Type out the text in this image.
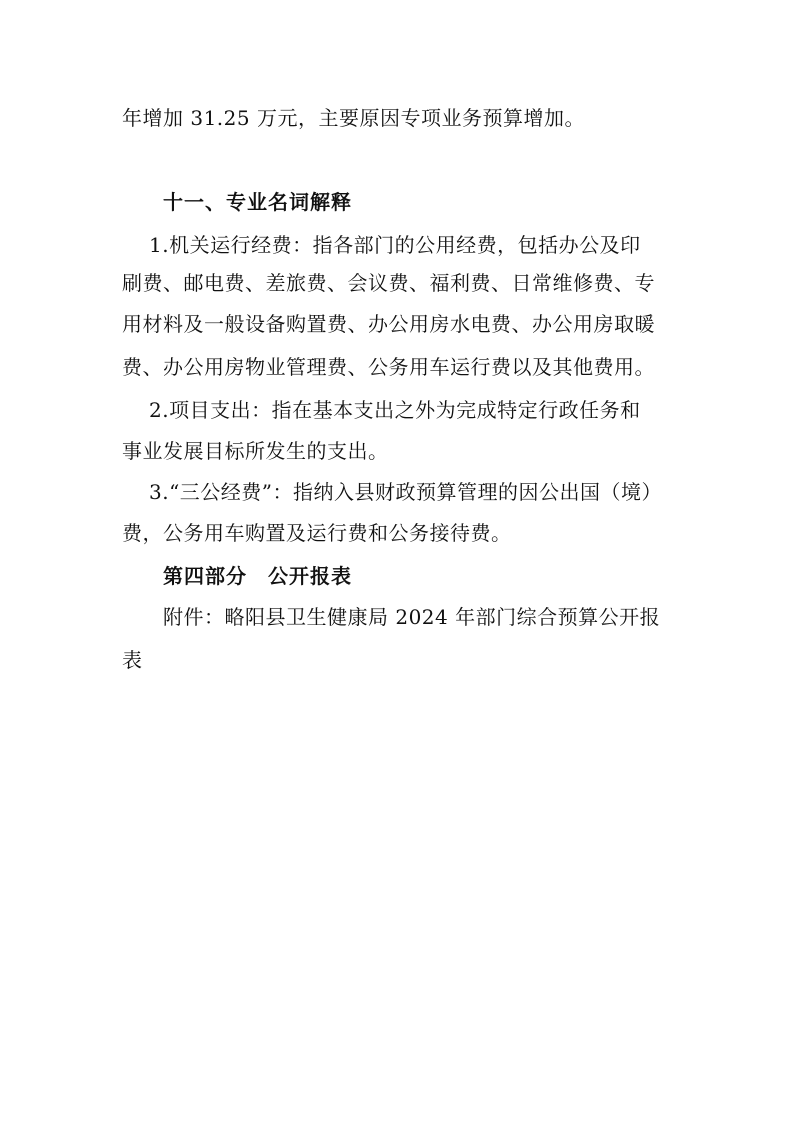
年增加 31.25 万元，主要原因专项业务预算增加。
十一、专业名词解释
1.机关运行经费：指各部门的公用经费，包括办公及印
刷费、邮电费、差旅费、会议费、福利费、日常维修费、专
用材料及一般设备购置费、办公用房水电费、办公用房取暖
费、办公用房物业管理费、公务用车运行费以及其他费用。
2.项目支出：指在基本支出之外为完成特定行政任务和
事业发展目标所发生的支出。
3.“三公经费”：指纳入县财政预算管理的因公出国（境）
费，公务用车购置及运行费和公务接待费。
第四部分　公开报表
附件：略阳县卫生健康局 2024 年部门综合预算公开报
表
